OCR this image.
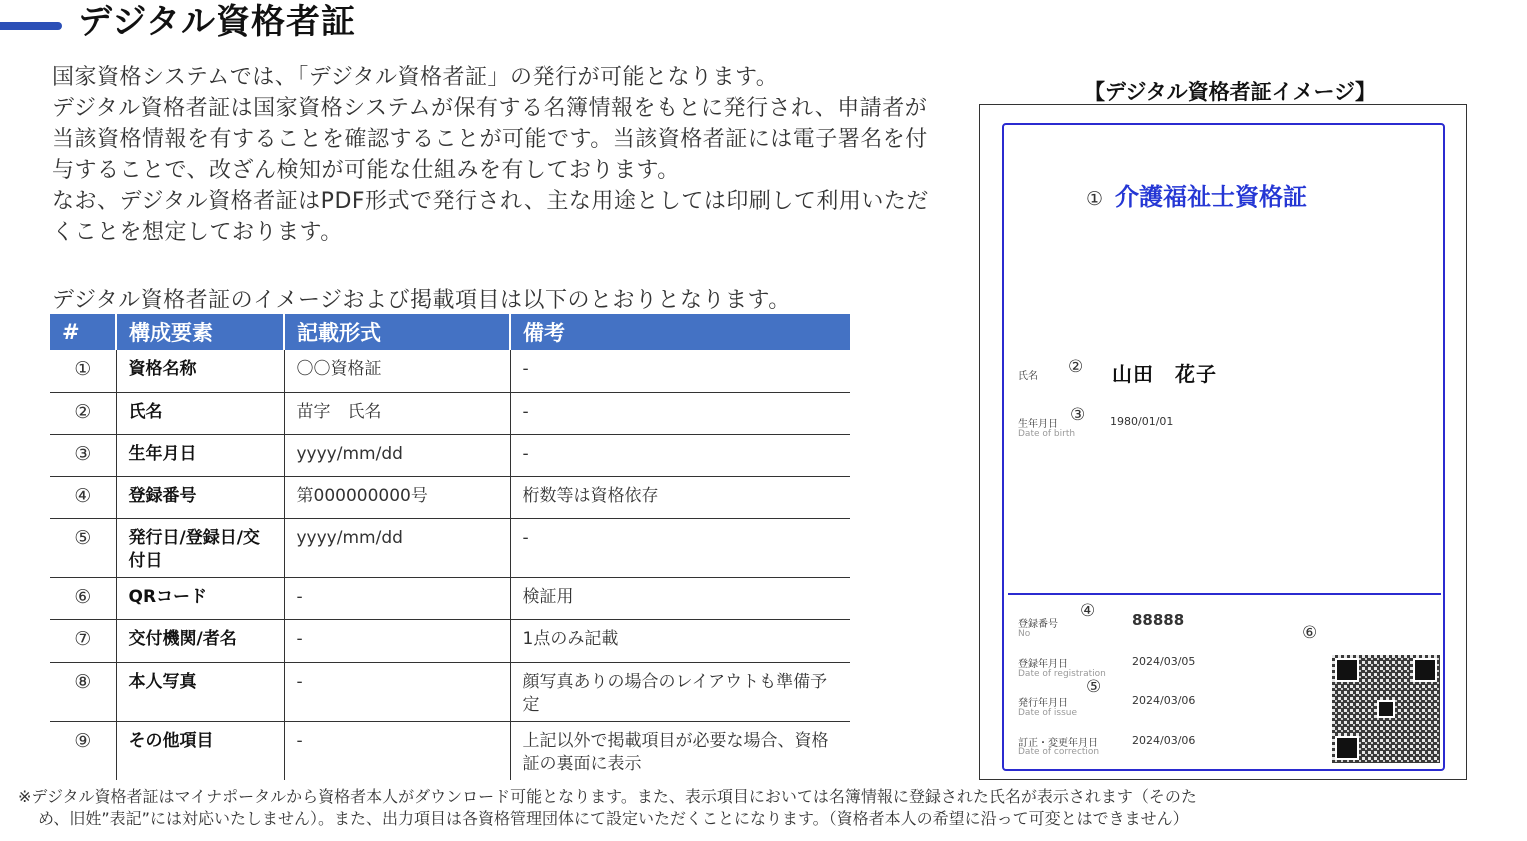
デジタル資格者証

国家資格システムでは、「デジタル資格者証」の発行が可能となります。

デジタル資格者証は国家資格システムが保有する名簿情報をもとに発行され、申請者が当該資格情報を有することを確認することが可能です。当該資格者証には電子署名を付与することで、改ざん検知が可能な仕組みを有しております。

なお、デジタル資格者証はPDF形式で発行され、主な用途としては印刷して利用いただくことを想定しております。

デジタル資格者証のイメージおよび掲載項目は以下のとおりとなります。
#	構成要素	記載形式	備考
①	資格名称	〇〇資格証	-
②	氏名	苗字　氏名	-
③	生年月日	yyyy/mm/dd	-
④	登録番号	第000000000号	桁数等は資格依存
⑤	発行日/登録日/交付日	yyyy/mm/dd	-
⑥	QRコード	-	検証用
⑦	交付機関/者名	-	1点のみ記載
⑧	本人写真	-	顔写真ありの場合のレイアウトも準備予定
⑨	その他項目	-	上記以外で掲載項目が必要な場合、資格証の裏面に表示

※デジタル資格者証はマイナポータルから資格者本人がダウンロード可能となります。また、表示項目においては名簿情報に登録された氏名が表示されます（そのた

め、旧姓”表記”には対応いたしません）。また、出力項目は各資格管理団体にて設定いただくことになります。（資格者本人の希望に沿って可変とはできません）

【デジタル資格者証イメージ】
① 介護福祉士資格証
氏名 ② 山田　花子
生年月日 ③
Date of birth
1980/01/01
登録番号
No
④ 88888
⑥
登録年月日
Date of registration
2024/03/05
⑤
発行年月日
Date of issue
2024/03/06
訂正・変更年月日
Date of correction
2024/03/06
